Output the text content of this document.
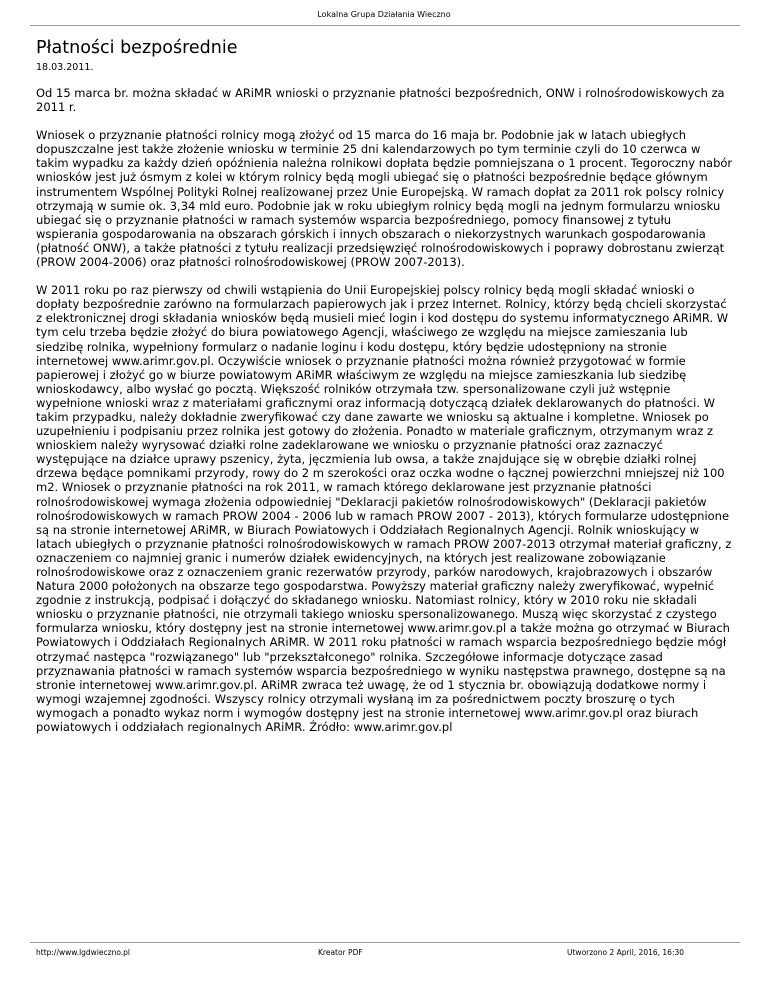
Lokalna Grupa Działania Wieczno
Płatności bezpośrednie
18.03.2011.

Od 15 marca br. można składać w ARiMR wnioski o przyznanie płatności bezpośrednich, ONW i rolnośrodowiskowych za 2011 r.

Wniosek o przyznanie płatności rolnicy mogą złożyć od 15 marca do 16 maja br. Podobnie jak w latach ubiegłych dopuszczalne jest także złożenie wniosku w terminie 25 dni kalendarzowych po tym terminie czyli do 10 czerwca w takim wypadku za każdy dzień opóźnienia należna rolnikowi dopłata będzie pomniejszana o 1 procent. Tegoroczny nabór wniosków jest już ósmym z kolei w którym rolnicy będą mogli ubiegać się o płatności bezpośrednie będące głównym instrumentem Wspólnej Polityki Rolnej realizowanej przez Unie Europejską. W ramach dopłat za 2011 rok polscy rolnicy otrzymają w sumie ok. 3,34 mld euro. Podobnie jak w roku ubiegłym rolnicy będą mogli na jednym formularzu wniosku ubiegać się o przyznanie płatności w ramach systemów wsparcia bezpośredniego, pomocy finansowej z tytułu wspierania gospodarowania na obszarach górskich i innych obszarach o niekorzystnych warunkach gospodarowania (płatność ONW), a także płatności z tytułu realizacji przedsięwzięć rolnośrodowiskowych i poprawy dobrostanu zwierząt (PROW 2004-2006) oraz płatności rolnośrodowiskowej (PROW 2007-2013).

W 2011 roku po raz pierwszy od chwili wstąpienia do Unii Europejskiej polscy rolnicy będą mogli składać wnioski o dopłaty bezpośrednie zarówno na formularzach papierowych jak i przez Internet. Rolnicy, którzy będą chcieli skorzystać z elektronicznej drogi składania wniosków będą musieli mieć login i kod dostępu do systemu informatycznego ARiMR. W tym celu trzeba będzie złożyć do biura powiatowego Agencji, właściwego ze względu na miejsce zamieszania lub siedzibę rolnika, wypełniony formularz o nadanie loginu i kodu dostępu, który będzie udostępniony na stronie internetowej www.arimr.gov.pl. Oczywiście wniosek o przyznanie płatności można również przygotować w formie papierowej i złożyć go w biurze powiatowym ARiMR właściwym ze względu na miejsce zamieszkania lub siedzibę wnioskodawcy, albo wysłać go pocztą. Większość rolników otrzymała tzw. spersonalizowane czyli już wstępnie wypełnione wnioski wraz z materiałami graficznymi oraz informacją dotyczącą działek deklarowanych do płatności. W takim przypadku, należy dokładnie zweryfikować czy dane zawarte we wniosku są aktualne i kompletne. Wniosek po uzupełnieniu i podpisaniu przez rolnika jest gotowy do złożenia. Ponadto w materiale graficznym, otrzymanym wraz z wnioskiem należy wyrysować działki rolne zadeklarowane we wniosku o przyznanie płatności oraz zaznaczyć występujące na działce uprawy pszenicy, żyta, jęczmienia lub owsa, a także znajdujące się w obrębie działki rolnej drzewa będące pomnikami przyrody, rowy do 2 m szerokości oraz oczka wodne o łącznej powierzchni mniejszej niż 100 m2. Wniosek o przyznanie płatności na rok 2011, w ramach którego deklarowane jest przyznanie płatności rolnośrodowiskowej wymaga złożenia odpowiedniej "Deklaracji pakietów rolnośrodowiskowych" (Deklaracji pakietów rolnośrodowiskowych w ramach PROW 2004 - 2006 lub w ramach PROW 2007 - 2013), których formularze udostępnione są na stronie internetowej ARiMR, w Biurach Powiatowych i Oddziałach Regionalnych Agencji. Rolnik wnioskujący w latach ubiegłych o przyznanie płatności rolnośrodowiskowych w ramach PROW 2007-2013 otrzymał materiał graficzny, z oznaczeniem co najmniej granic i numerów działek ewidencyjnych, na których jest realizowane zobowiązanie rolnośrodowiskowe oraz z oznaczeniem granic rezerwatów przyrody, parków narodowych, krajobrazowych i obszarów Natura 2000 położonych na obszarze tego gospodarstwa. Powyższy materiał graficzny należy zweryfikować, wypełnić zgodnie z instrukcją, podpisać i dołączyć do składanego wniosku. Natomiast rolnicy, który w 2010 roku nie składali wniosku o przyznanie płatności, nie otrzymali takiego wniosku spersonalizowanego. Muszą więc skorzystać z czystego formularza wniosku, który dostępny jest na stronie internetowej www.arimr.gov.pl a także można go otrzymać w Biurach Powiatowych i Oddziałach Regionalnych ARiMR. W 2011 roku płatności w ramach wsparcia bezpośredniego będzie mógł otrzymać następca "rozwiązanego" lub "przekształconego" rolnika. Szczegółowe informacje dotyczące zasad przyznawania płatności w ramach systemów wsparcia bezpośredniego w wyniku następstwa prawnego, dostępne są na stronie internetowej www.arimr.gov.pl. ARiMR zwraca też uwagę, że od 1 stycznia br. obowiązują dodatkowe normy i wymogi wzajemnej zgodności. Wszyscy rolnicy otrzymali wysłaną im za pośrednictwem poczty broszurę o tych wymogach a ponadto wykaz norm i wymogów dostępny jest na stronie internetowej www.arimr.gov.pl oraz biurach powiatowych i oddziałach regionalnych ARiMR. Źródło: www.arimr.gov.pl

http://www.lgdwieczno.pl	Kreator PDF	Utworzono 2 April, 2016, 16:30
